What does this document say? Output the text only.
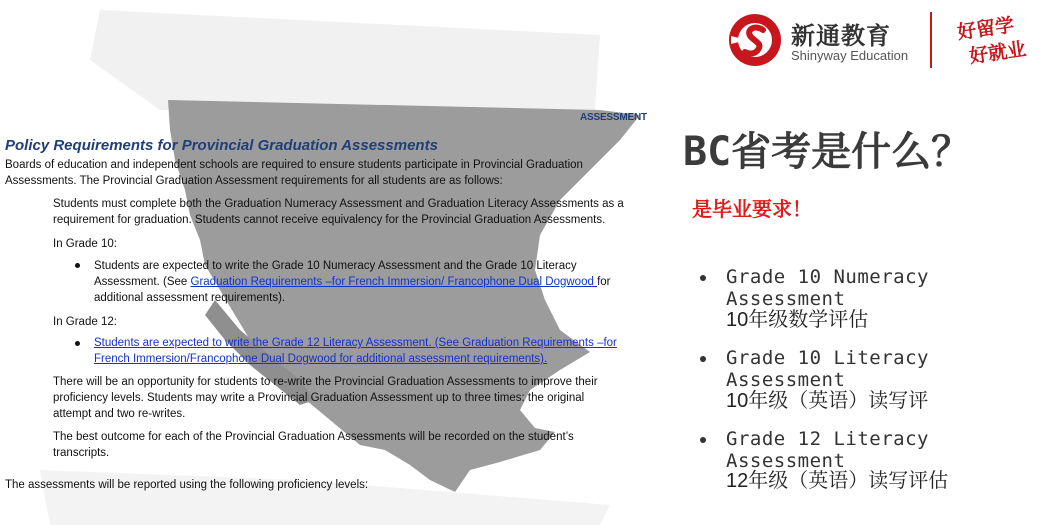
ASSESSMENT
Policy Requirements for Provincial Graduation Assessments
Boards of education and independent schools are required to ensure students participate in Provincial Graduation
Assessments. The Provincial Graduation Assessment requirements for all students are as follows:
Students must complete both the Graduation Numeracy Assessment and Graduation Literacy Assessments as a
requirement for graduation. Students cannot receive equivalency for the Provincial Graduation Assessments.
In Grade 10:
Students are expected to write the Grade 10 Numeracy Assessment and the Grade 10 Literacy
Assessment. (See Graduation Requirements –for French Immersion/ Francophone Dual Dogwood for
additional assessment requirements).
In Grade 12:
Students are expected to write the Grade 12 Literacy Assessment. (See Graduation Requirements –for
French Immersion/Francophone Dual Dogwood for additional assessment requirements).
There will be an opportunity for students to re-write the Provincial Graduation Assessments to improve their
proficiency levels. Students may write a Provincial Graduation Assessment up to three times: the original
attempt and two re-writes.
The best outcome for each of the Provincial Graduation Assessments will be recorded on the student’s
transcripts.
The assessments will be reported using the following proficiency levels:
新通教育
Shinyway Education
好留学
好就业
BC省考是什么？
是毕业要求！
Grade 10 Numeracy Assessment
10年级数学评估
Grade 10 Literacy Assessment
10年级（英语）读写评
Grade 12 Literacy Assessment
12年级（英语）读写评估
